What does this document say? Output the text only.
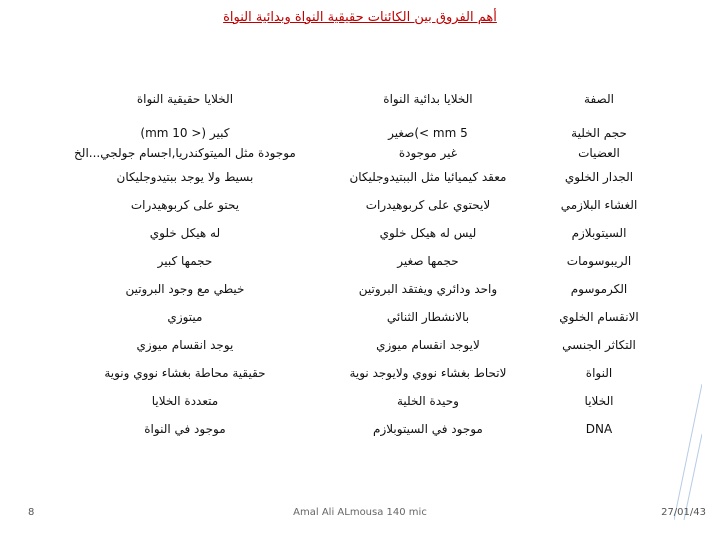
أهم الفروق بين الكائنات حقيقية النواة وبدائية النواة
الصفة	الخلايا بدائية النواة	الخلايا حقيقية النواة
حجم الخلية	5 mm >)صغير	كبير (< 10 mm)
العضيات	غير موجودة	موجودة مثل الميتوكندريا,اجسام جولجي...الخ
الجدار الخلوي	معقد كيميائيا مثل الببتيدوجليكان	بسيط ولا يوجد ببتيدوجليكان
الغشاء البلازمي	لايحتوي على كربوهيدرات	يحتو على كربوهيدرات
السيتوبلازم	ليس له هيكل خلوي	له هيكل خلوي
الريبوسومات	حجمها صغير	حجمها كبير
الكرموسوم	واحد ودائري ويفتقد البروتين	خيطي مع وجود البروتين
الانقسام الخلوي	بالانشطار الثنائي	ميتوزي
التكاثر الجنسي	لايوجد انقسام ميوزي	يوجد انقسام ميوزي
النواة	لاتحاط بغشاء نووي ولايوجد نوية	حقيقية محاطة بغشاء نووي ونوية
الخلايا	وحيدة الخلية	متعددة الخلايا
DNA	موجود في السيتوبلازم	موجود في النواة
8	Amal Ali ALmousa 140 mic	27/01/43
